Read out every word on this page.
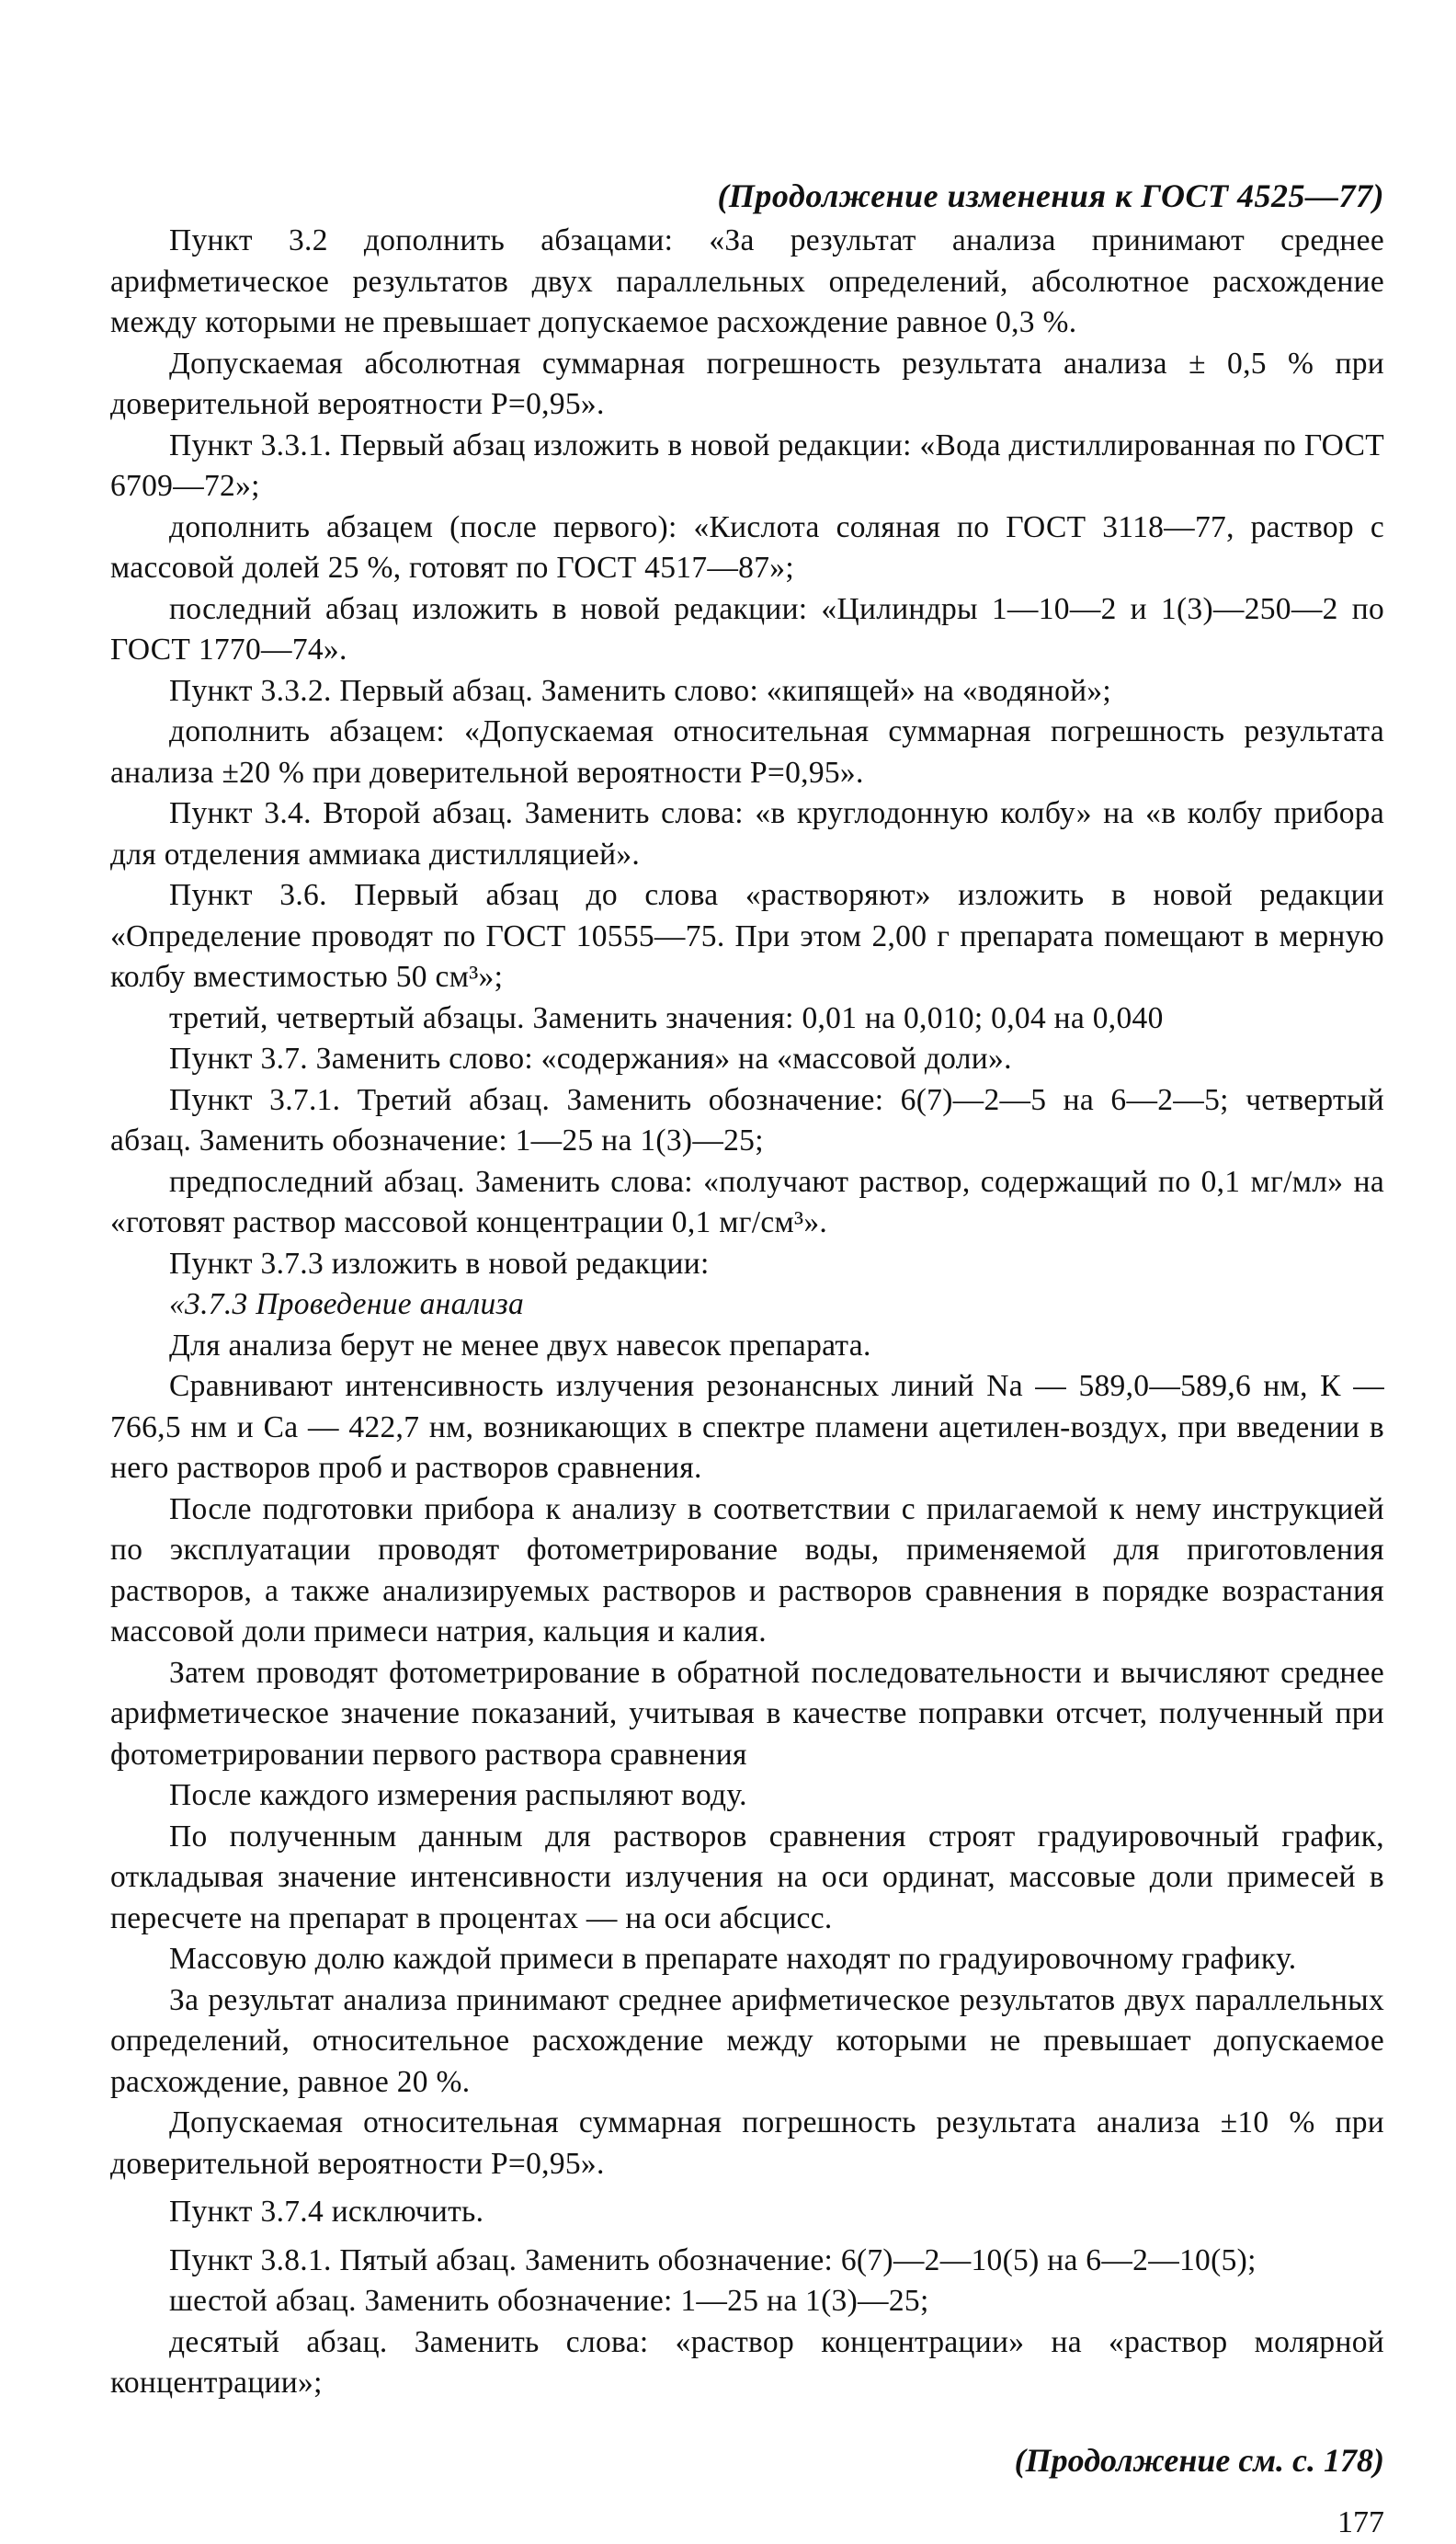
(Продолжение изменения к ГОСТ 4525—77)

Пункт 3.2 дополнить абзацами: «За результат анализа принимают среднее арифметическое результатов двух параллельных определений, абсолютное расхождение между которыми не превышает допускаемое расхождение равное 0,3 %.

Допускаемая абсолютная суммарная погрешность результата анализа ± 0,5 % при доверительной вероятности P=0,95».

Пункт 3.3.1. Первый абзац изложить в новой редакции: «Вода дистиллированная по ГОСТ 6709—72»;

дополнить абзацем (после первого): «Кислота соляная по ГОСТ 3118—77, раствор с массовой долей 25 %, готовят по ГОСТ 4517—87»;

последний абзац изложить в новой редакции: «Цилиндры 1—10—2 и 1(3)—250—2 по ГОСТ 1770—74».

Пункт 3.3.2. Первый абзац. Заменить слово: «кипящей» на «водяной»;

дополнить абзацем: «Допускаемая относительная суммарная погрешность результата анализа ±20 % при доверительной вероятности P=0,95».

Пункт 3.4. Второй абзац. Заменить слова: «в круглодонную колбу» на «в колбу прибора для отделения аммиака дистилляцией».

Пункт 3.6. Первый абзац до слова «растворяют» изложить в новой редакции «Определение проводят по ГОСТ 10555—75. При этом 2,00 г препарата помещают в мерную колбу вместимостью 50 см³»;

третий, четвертый абзацы. Заменить значения: 0,01 на 0,010; 0,04 на 0,040

Пункт 3.7. Заменить слово: «содержания» на «массовой доли».

Пункт 3.7.1. Третий абзац. Заменить обозначение: 6(7)—2—5 на 6—2—5; четвертый абзац. Заменить обозначение: 1—25 на 1(3)—25;

предпоследний абзац. Заменить слова: «получают раствор, содержащий по 0,1 мг/мл» на «готовят раствор массовой концентрации 0,1 мг/см³».

Пункт 3.7.3 изложить в новой редакции:

«3.7.3 Проведение анализа

Для анализа берут не менее двух навесок препарата.

Сравнивают интенсивность излучения резонансных линий Na — 589,0—589,6 нм, К — 766,5 нм и Са — 422,7 нм, возникающих в спектре пламени ацетилен-воздух, при введении в него растворов проб и растворов сравнения.

После подготовки прибора к анализу в соответствии с прилагаемой к нему инструкцией по эксплуатации проводят фотометрирование воды, применяемой для приготовления растворов, а также анализируемых растворов и растворов сравнения в порядке возрастания массовой доли примеси натрия, кальция и калия.

Затем проводят фотометрирование в обратной последовательности и вычисляют среднее арифметическое значение показаний, учитывая в качестве поправки отсчет, полученный при фотометрировании первого раствора сравнения

После каждого измерения распыляют воду.

По полученным данным для растворов сравнения строят градуировочный график, откладывая значение интенсивности излучения на оси ординат, массовые доли примесей в пересчете на препарат в процентах — на оси абсцисс.

Массовую долю каждой примеси в препарате находят по градуировочному графику.

За результат анализа принимают среднее арифметическое результатов двух параллельных определений, относительное расхождение между которыми не превышает допускаемое расхождение, равное 20 %.

Допускаемая относительная суммарная погрешность результата анализа ±10 % при доверительной вероятности P=0,95».

Пункт 3.7.4 исключить.

Пункт 3.8.1. Пятый абзац. Заменить обозначение: 6(7)—2—10(5) на 6—2—10(5);

шестой абзац. Заменить обозначение: 1—25 на 1(3)—25;

десятый абзац. Заменить слова: «раствор концентрации» на «раствор молярной концентрации»;

(Продолжение см. с. 178)
177
